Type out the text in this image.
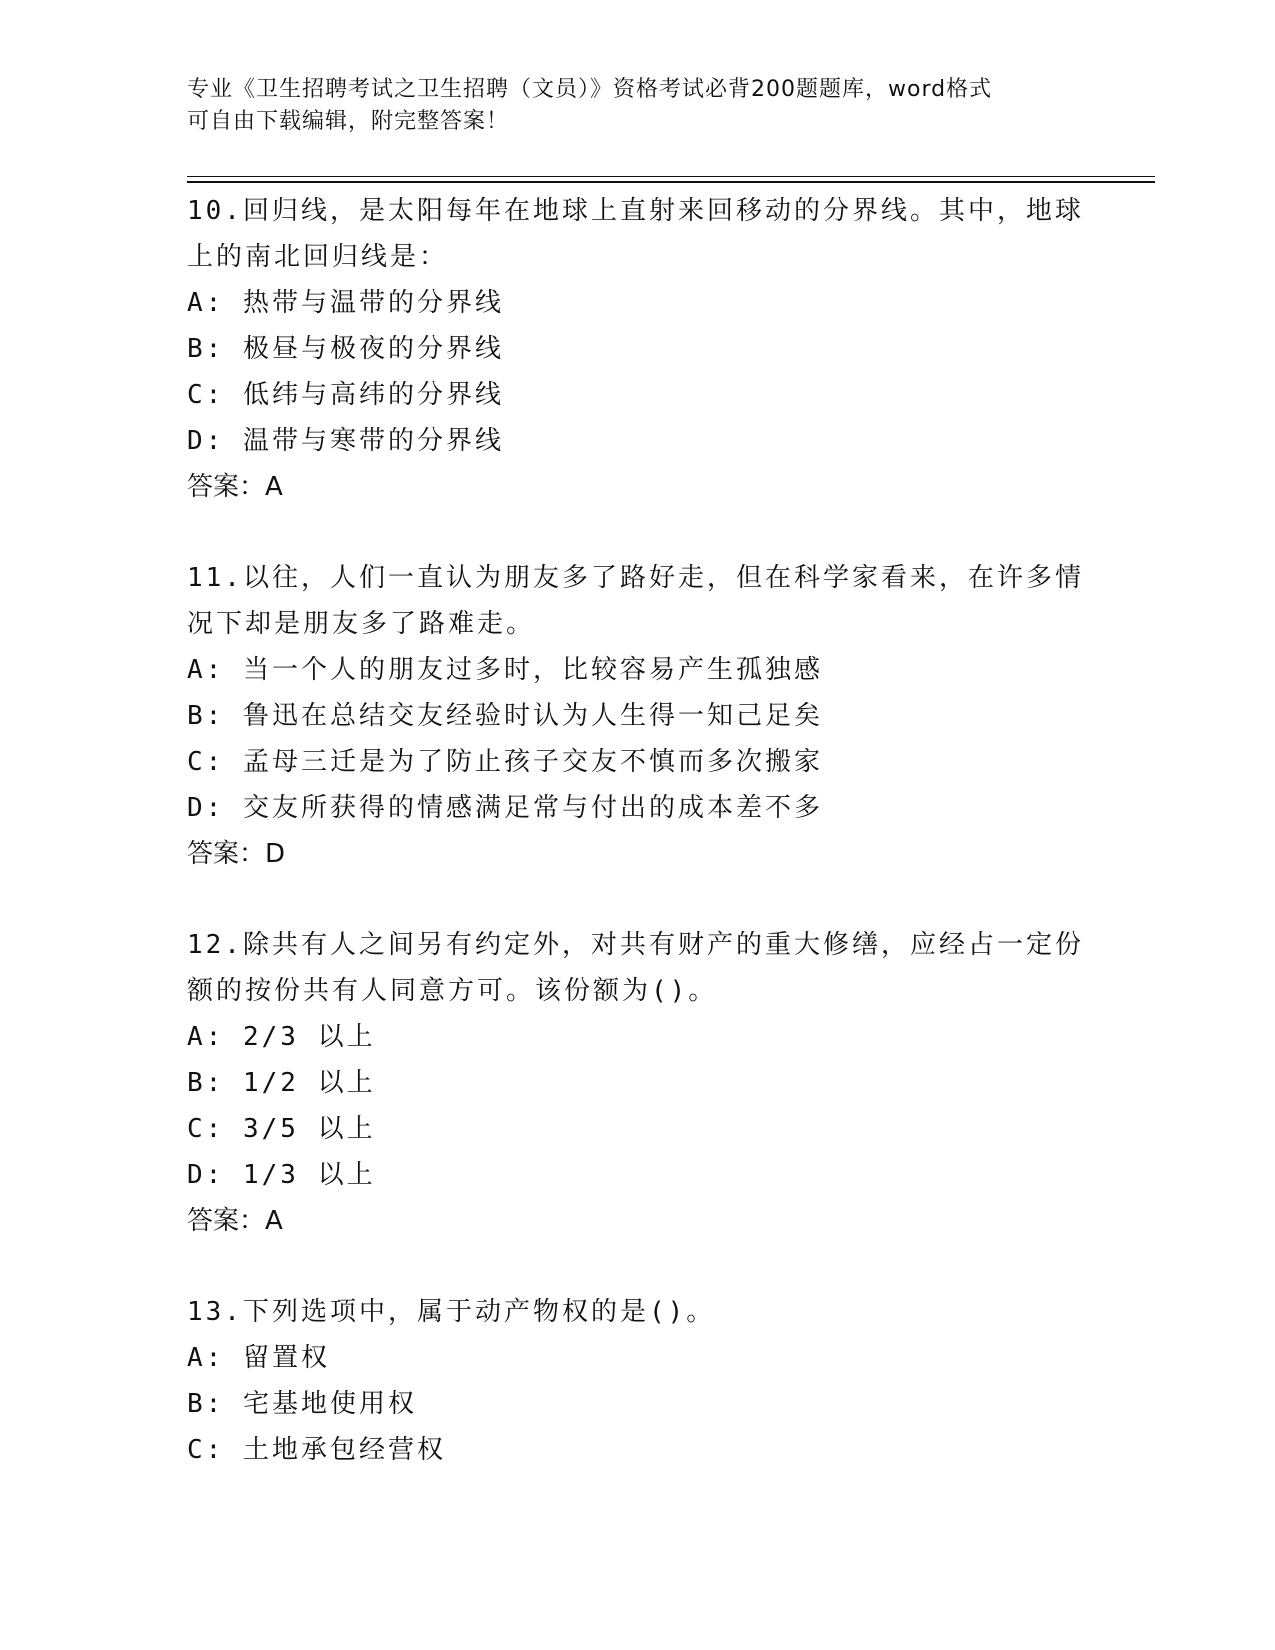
专业《卫生招聘考试之卫生招聘（文员）》资格考试必背200题题库，word格式
可自由下载编辑，附完整答案！

10.回归线，是太阳每年在地球上直射来回移动的分界线。其中，地球上的南北回归线是：

A: 热带与温带的分界线

B: 极昼与极夜的分界线

C: 低纬与高纬的分界线

D: 温带与寒带的分界线

答案：A

11.以往，人们一直认为朋友多了路好走，但在科学家看来，在许多情况下却是朋友多了路难走。

A: 当一个人的朋友过多时，比较容易产生孤独感

B: 鲁迅在总结交友经验时认为人生得一知己足矣

C: 孟母三迁是为了防止孩子交友不慎而多次搬家

D: 交友所获得的情感满足常与付出的成本差不多

答案：D

12.除共有人之间另有约定外，对共有财产的重大修缮，应经占一定份额的按份共有人同意方可。该份额为()。

A: 2/3 以上

B: 1/2 以上

C: 3/5 以上

D: 1/3 以上

答案：A

13.下列选项中，属于动产物权的是()。

A: 留置权

B: 宅基地使用权

C: 土地承包经营权
